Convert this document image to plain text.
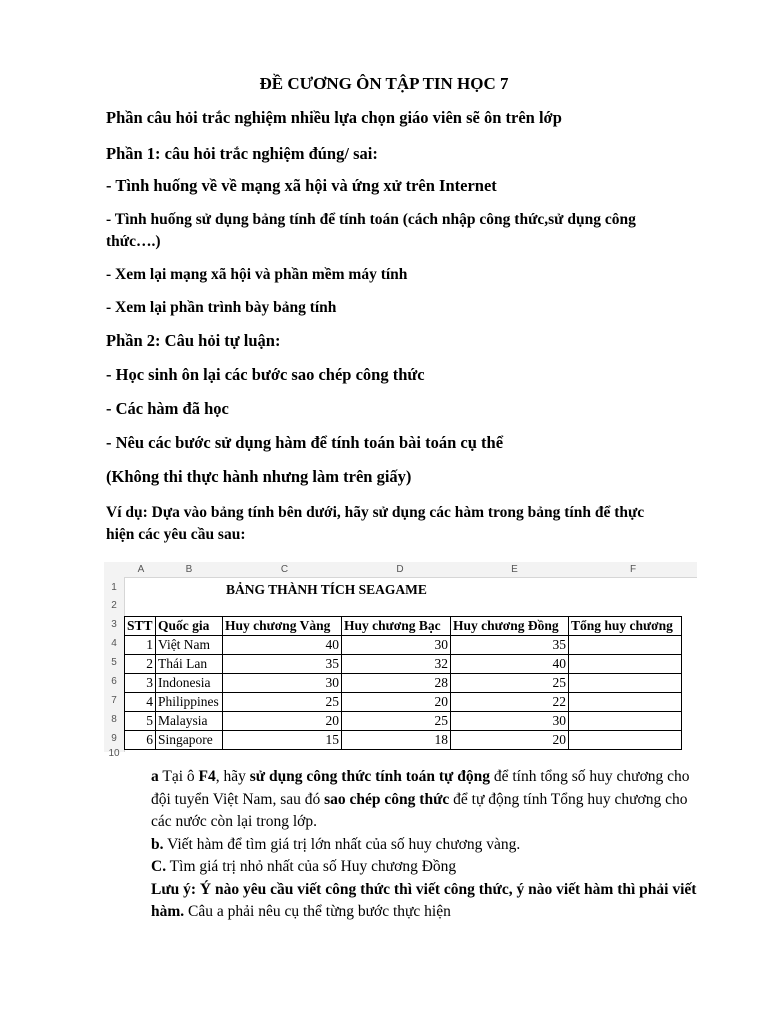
ĐỀ CƯƠNG ÔN TẬP TIN HỌC 7
Phần câu hỏi trắc nghiệm nhiều lựa chọn giáo viên sẽ ôn trên lớp
Phần 1: câu hỏi trắc nghiệm đúng/ sai:
- Tình huống về về mạng xã hội và ứng xử trên Internet
- Tình huống sử dụng bảng tính để tính toán (cách nhập công thức,sử dụng công
thức….)
- Xem lại mạng xã hội và phần mềm máy tính
- Xem lại phần trình bày bảng tính
Phần 2: Câu hỏi tự luận:
- Học sinh ôn lại các bước sao chép công thức
- Các hàm đã học
- Nêu các bước sử dụng hàm để tính toán bài toán cụ thể
(Không thi thực hành nhưng làm trên giấy)
Ví dụ: Dựa vào bảng tính bên dưới, hãy sử dụng các hàm trong bảng tính để thực
hiện các yêu cầu sau:
A	B	C	D	E	F
1
2
3
4
5
6
7
8
9
10
BẢNG THÀNH TÍCH SEAGAME
STT	Quốc gia	Huy chương Vàng	Huy chương Bạc	Huy chương Đồng	Tổng huy chương
1	Việt Nam	40	30	35	
2	Thái Lan	35	32	40	
3	Indonesia	30	28	25	
4	Philippines	25	20	22	
5	Malaysia	20	25	30	
6	Singapore	15	18	20	
a Tại ô F4, hãy sử dụng công thức tính toán tự động để tính tổng số huy chương cho đội tuyển Việt Nam, sau đó sao chép công thức để tự động tính Tổng huy chương cho các nước còn lại trong lớp.
b. Viết hàm để tìm giá trị lớn nhất của số huy chương vàng.
C. Tìm giá trị nhỏ nhất của số Huy chương Đồng
Lưu ý: Ý nào yêu cầu viết công thức thì viết công thức, ý nào viết hàm thì phải viết hàm. Câu a phải nêu cụ thể từng bước thực hiện
